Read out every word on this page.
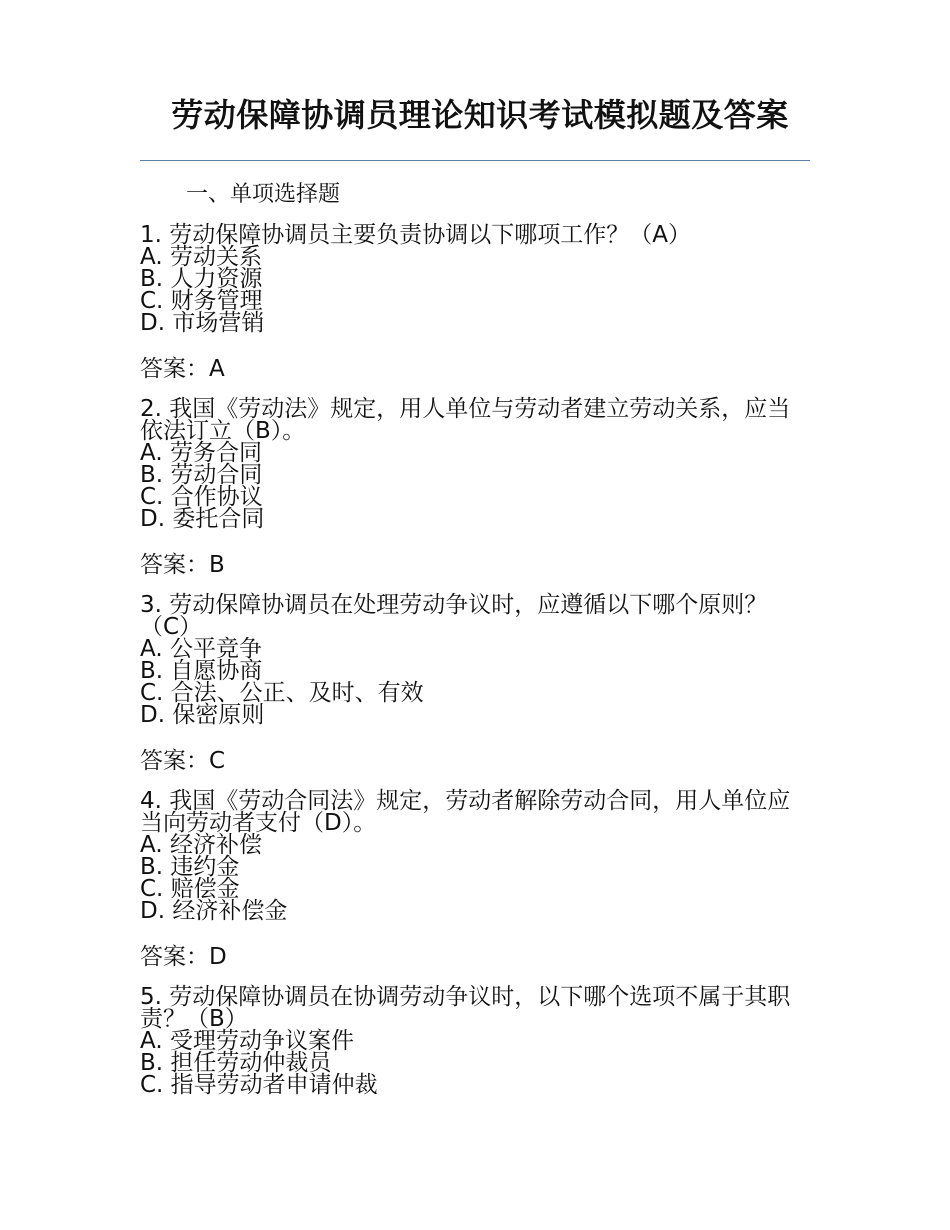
劳动保障协调员理论知识考试模拟题及答案
一、单项选择题
1. 劳动保障协调员主要负责协调以下哪项工作？（A）
A. 劳动关系
B. 人力资源
C. 财务管理
D. 市场营销
答案：A
2. 我国《劳动法》规定，用人单位与劳动者建立劳动关系，应当依法订立（B）。
A. 劳务合同
B. 劳动合同
C. 合作协议
D. 委托合同
答案：B
3. 劳动保障协调员在处理劳动争议时，应遵循以下哪个原则？（C）
A. 公平竞争
B. 自愿协商
C. 合法、公正、及时、有效
D. 保密原则
答案：C
4. 我国《劳动合同法》规定，劳动者解除劳动合同，用人单位应当向劳动者支付（D）。
A. 经济补偿
B. 违约金
C. 赔偿金
D. 经济补偿金
答案：D
5. 劳动保障协调员在协调劳动争议时，以下哪个选项不属于其职责？（B）
A. 受理劳动争议案件
B. 担任劳动仲裁员
C. 指导劳动者申请仲裁
